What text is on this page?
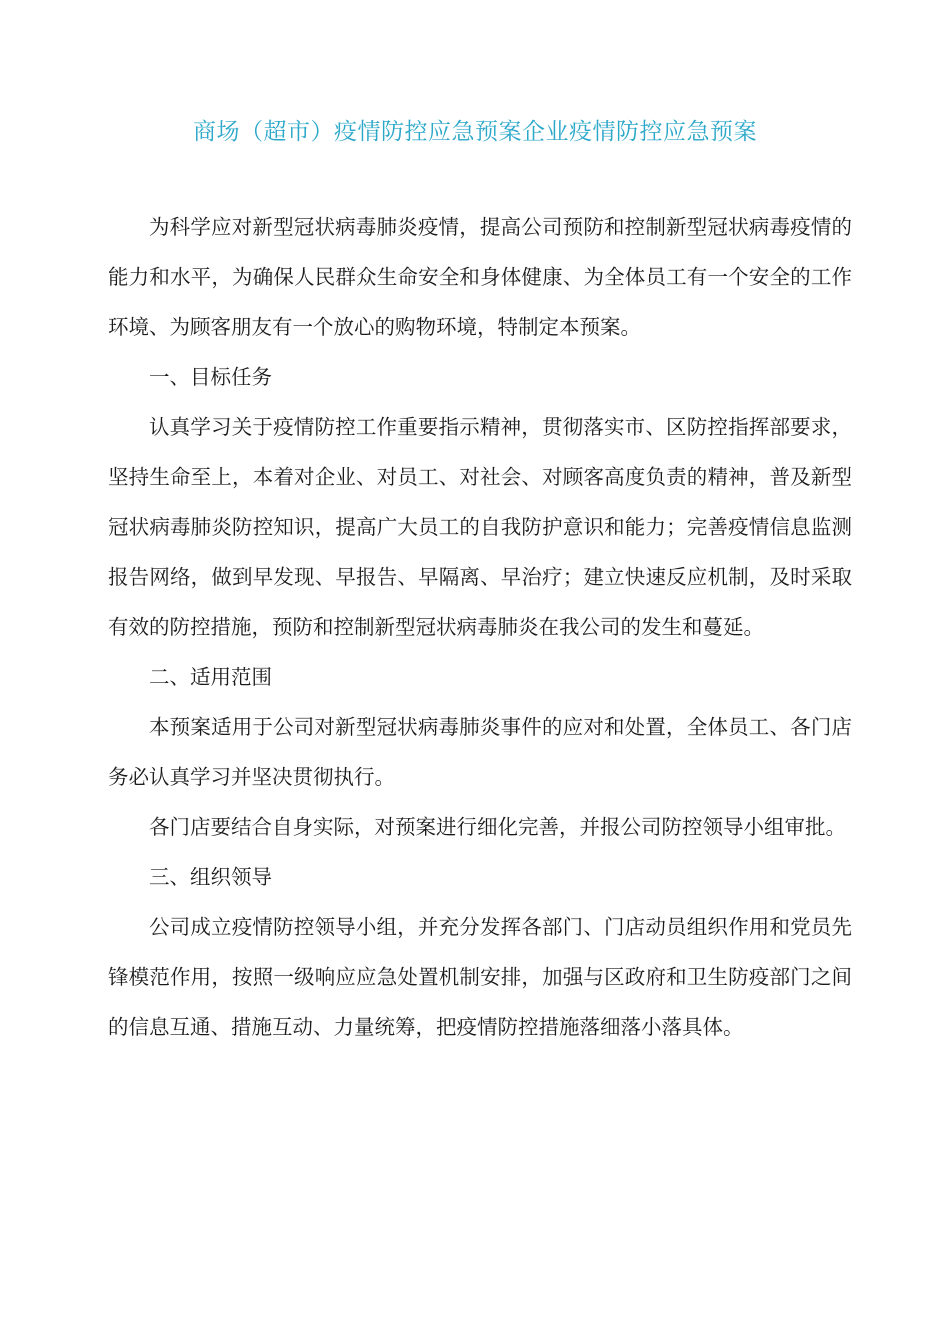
商场（超市）疫情防控应急预案企业疫情防控应急预案

为科学应对新型冠状病毒肺炎疫情，提高公司预防和控制新型冠状病毒疫情的能力和水平，为确保人民群众生命安全和身体健康、为全体员工有一个安全的工作环境、为顾客朋友有一个放心的购物环境，特制定本预案。

一、目标任务

认真学习关于疫情防控工作重要指示精神，贯彻落实市、区防控指挥部要求，坚持生命至上，本着对企业、对员工、对社会、对顾客高度负责的精神，普及新型冠状病毒肺炎防控知识，提高广大员工的自我防护意识和能力；完善疫情信息监测报告网络，做到早发现、早报告、早隔离、早治疗；建立快速反应机制，及时采取有效的防控措施，预防和控制新型冠状病毒肺炎在我公司的发生和蔓延。

二、适用范围

本预案适用于公司对新型冠状病毒肺炎事件的应对和处置，全体员工、各门店务必认真学习并坚决贯彻执行。

各门店要结合自身实际，对预案进行细化完善，并报公司防控领导小组审批。

三、组织领导

公司成立疫情防控领导小组，并充分发挥各部门、门店动员组织作用和党员先锋模范作用，按照一级响应应急处置机制安排，加强与区政府和卫生防疫部门之间的信息互通、措施互动、力量统筹，把疫情防控措施落细落小落具体。
